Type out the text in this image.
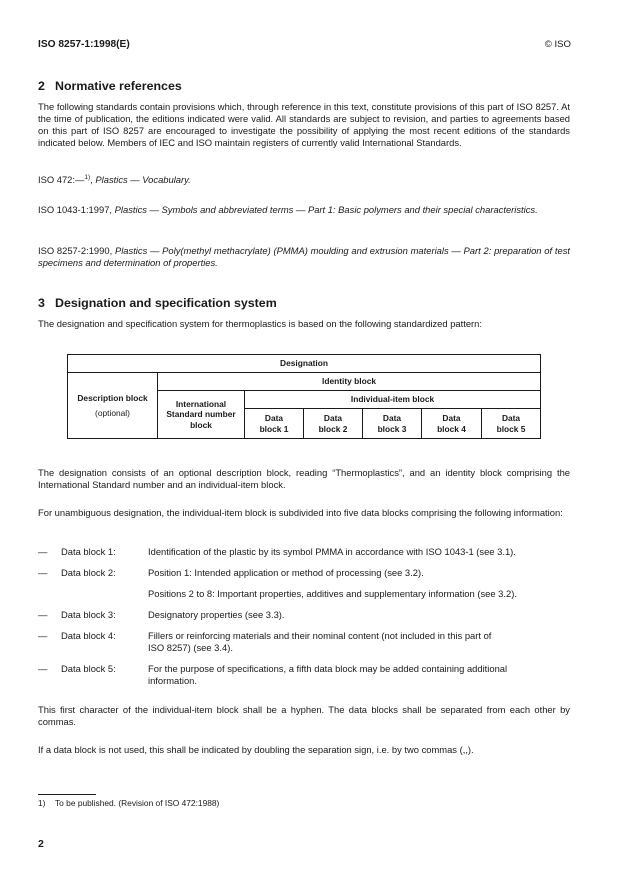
ISO 8257-1:1998(E)	© ISO
2 Normative references
The following standards contain provisions which, through reference in this text, constitute provisions of this part of ISO 8257. At the time of publication, the editions indicated were valid. All standards are subject to revision, and parties to agreements based on this part of ISO 8257 are encouraged to investigate the possibility of applying the most recent editions of the standards indicated below. Members of IEC and ISO maintain registers of currently valid International Standards.
ISO 472:—$^{1)}$, Plastics — Vocabulary.
ISO 1043-1:1997, Plastics — Symbols and abbreviated terms — Part 1: Basic polymers and their special characteristics.
ISO 8257-2:1990, Plastics — Poly(methyl methacrylate) (PMMA) moulding and extrusion materials — Part 2: preparation of test specimens and determination of properties.
3 Designation and specification system
The designation and specification system for thermoplastics is based on the following standardized pattern:
Designation						
Description block
(optional)	Identity block					
	International Standard number block	Individual-item block				
		Data block 1	Data block 2	Data block 3	Data block 4	Data block 5
The designation consists of an optional description block, reading “Thermoplastics”, and an identity block comprising the International Standard number and an individual-item block.
For unambiguous designation, the individual-item block is subdivided into five data blocks comprising the following information:
— Data block 1:	Identification of the plastic by its symbol PMMA in accordance with ISO 1043-1 (see 3.1).
— Data block 2:	Position 1: Intended application or method of processing (see 3.2).
Positions 2 to 8: Important properties, additives and supplementary information (see 3.2).
— Data block 3:	Designatory properties (see 3.3).
— Data block 4:	Fillers or reinforcing materials and their nominal content (not included in this part of ISO 8257) (see 3.4).
— Data block 5:	For the purpose of specifications, a fifth data block may be added containing additional information.
This first character of the individual-item block shall be a hyphen. The data blocks shall be separated from each other by commas.
If a data block is not used, this shall be indicated by doubling the separation sign, i.e. by two commas (,,).
1) To be published. (Revision of ISO 472:1988)
2
